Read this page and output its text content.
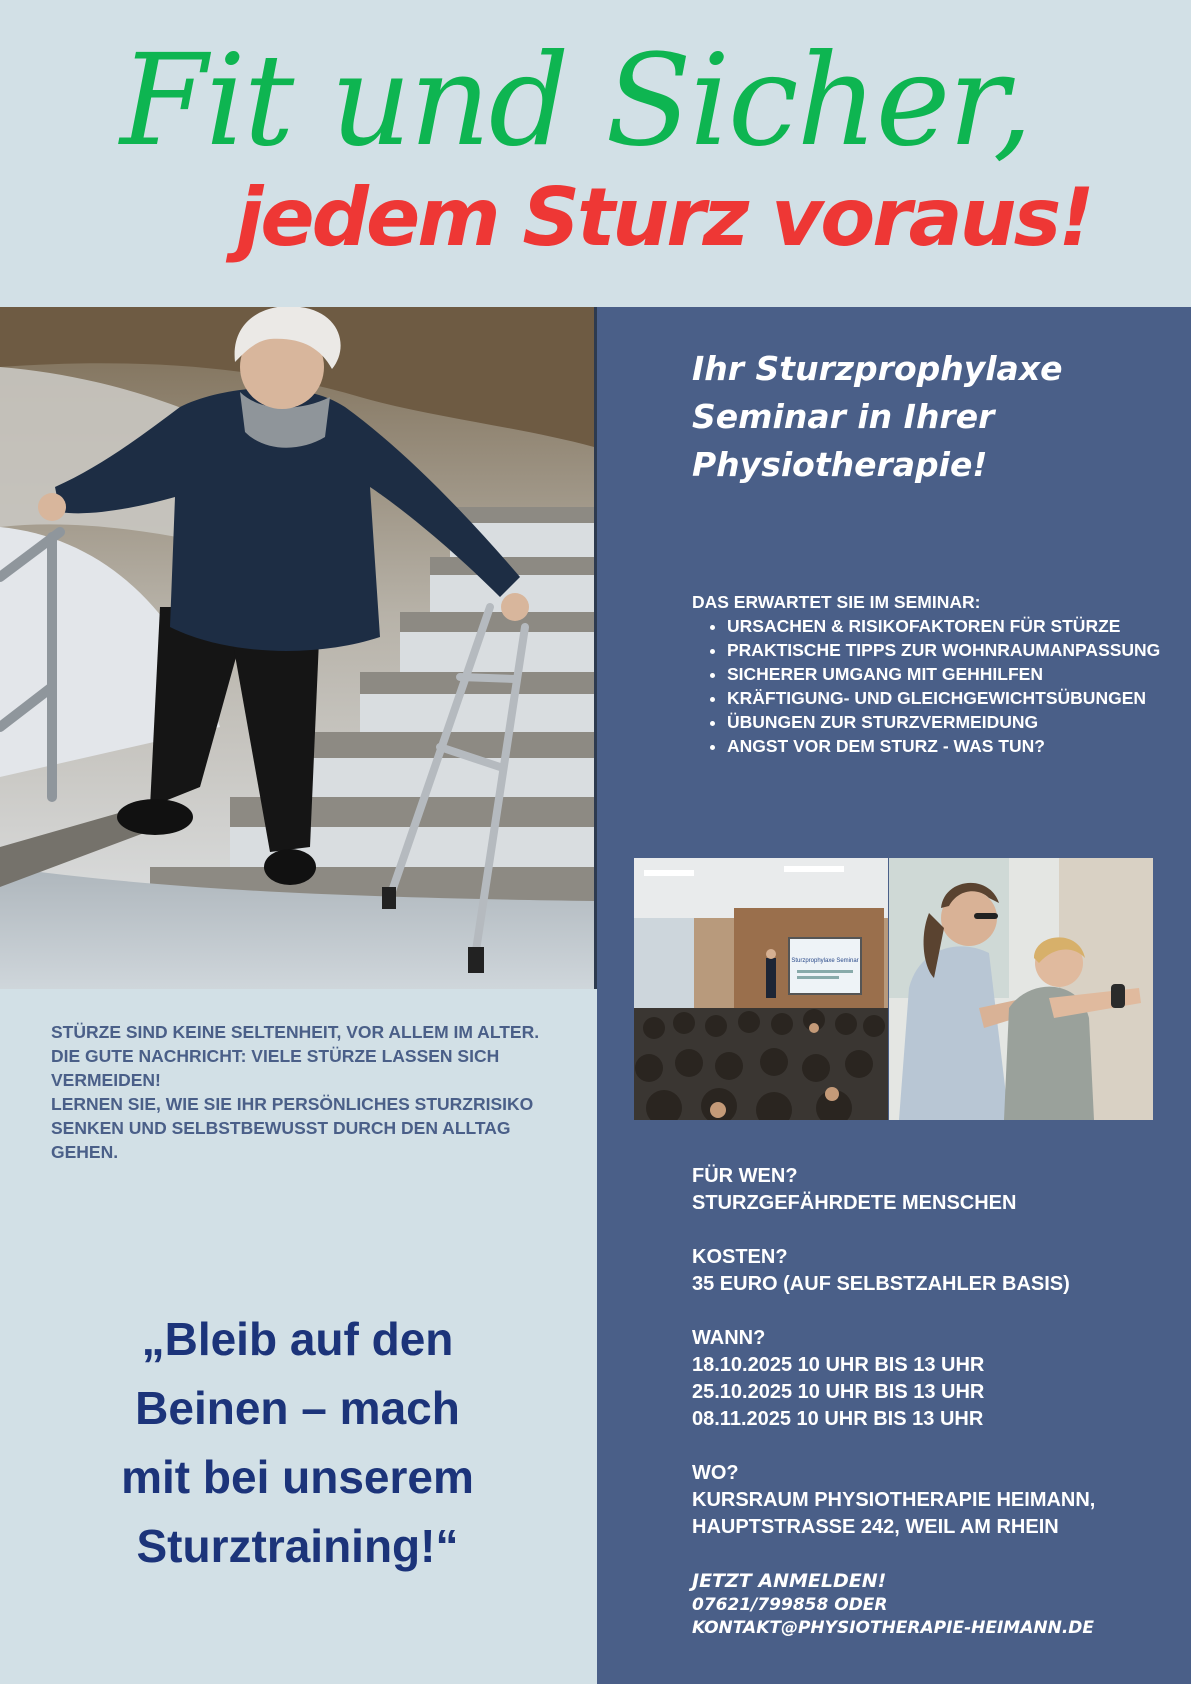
Fit und Sicher,
jedem Sturz voraus!

STÜRZE SIND KEINE SELTENHEIT, VOR ALLEM IM ALTER.

DIE GUTE NACHRICHT: VIELE STÜRZE LASSEN SICH VERMEIDEN!

LERNEN SIE, WIE SIE IHR PERSÖNLICHES STURZRISIKO SENKEN UND SELBSTBEWUSST DURCH DEN ALLTAG GEHEN.

„Bleib auf den
Beinen – mach
mit bei unserem
Sturztraining!“
Ihr Sturzprophylaxe
Seminar in Ihrer
Physiotherapie!
DAS ERWARTET SIE IM SEMINAR:
• URSACHEN & RISIKOFAKTOREN FÜR STÜRZE
• PRAKTISCHE TIPPS ZUR WOHNRAUMANPASSUNG
• SICHERER UMGANG MIT GEHHILFEN
• KRÄFTIGUNG- UND GLEICHGEWICHTSÜBUNGEN
• ÜBUNGEN ZUR STURZVERMEIDUNG
• ANGST VOR DEM STURZ - WAS TUN?
Sturzprophylaxe Seminar
FÜR WEN?
STURZGEFÄHRDETE MENSCHEN
KOSTEN?
35 EURO (AUF SELBSTZAHLER BASIS)
WANN?
18.10.2025 10 UHR BIS 13 UHR
25.10.2025 10 UHR BIS 13 UHR
08.11.2025 10 UHR BIS 13 UHR
WO?
KURSRAUM PHYSIOTHERAPIE HEIMANN,
HAUPTSTRASSE 242, WEIL AM RHEIN
JETZT ANMELDEN!
07621/799858 ODER
KONTAKT@PHYSIOTHERAPIE-HEIMANN.DE
